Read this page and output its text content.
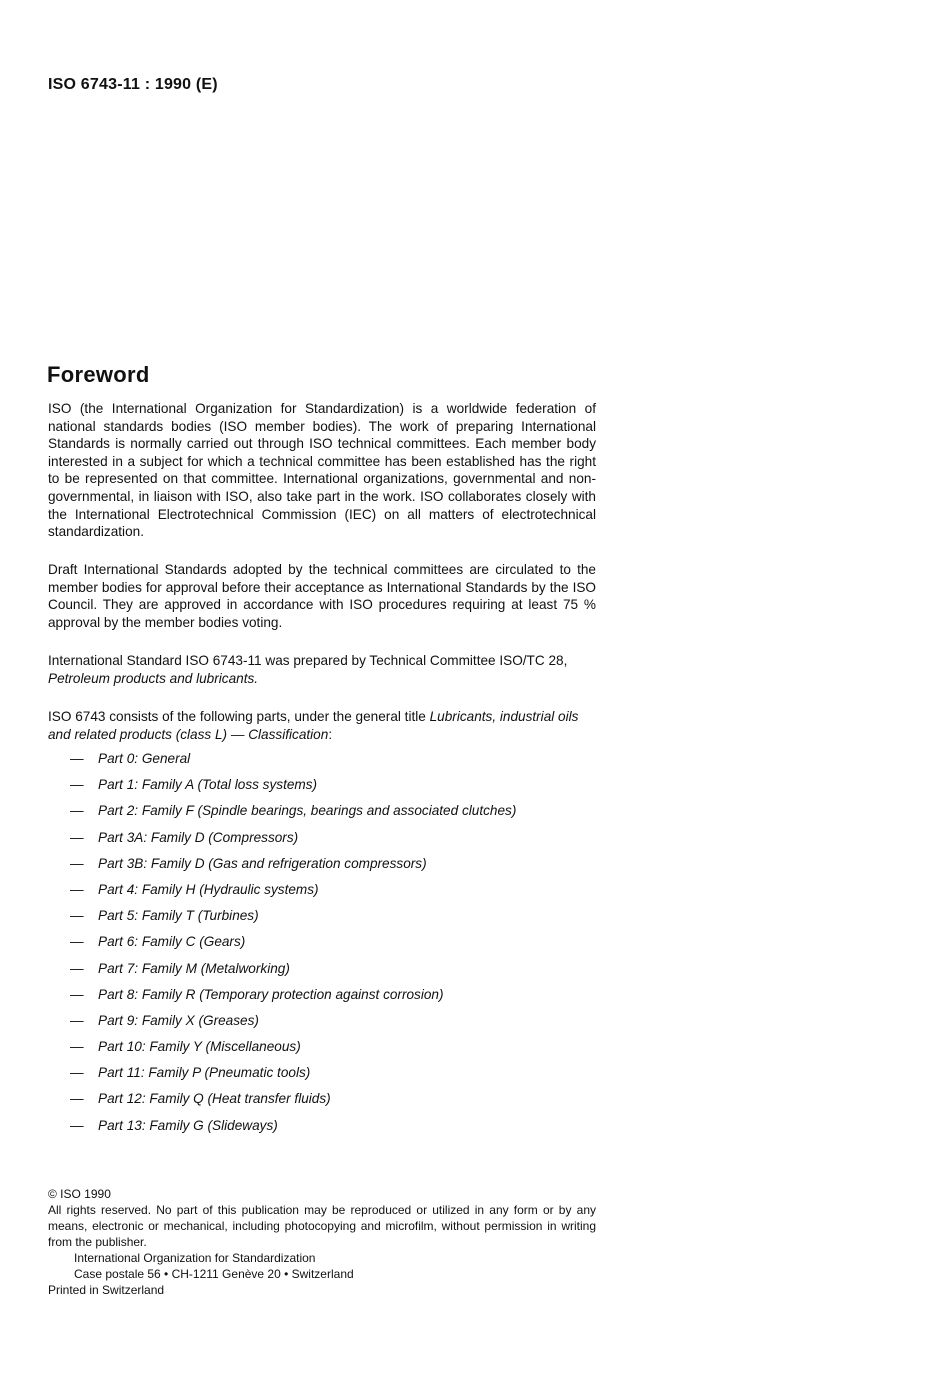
ISO 6743-11 : 1990 (E)
Foreword

ISO (the International Organization for Standardization) is a worldwide federation of national standards bodies (ISO member bodies). The work of preparing International Standards is normally carried out through ISO technical committees. Each member body interested in a subject for which a technical committee has been established has the right to be represented on that committee. International organizations, governmental and non-governmental, in liaison with ISO, also take part in the work. ISO collaborates closely with the International Electrotechnical Commission (IEC) on all matters of electrotechnical standardization.

Draft International Standards adopted by the technical committees are circulated to the member bodies for approval before their acceptance as International Standards by the ISO Council. They are approved in accordance with ISO procedures requiring at least 75 % approval by the member bodies voting.

International Standard ISO 6743-11 was prepared by Technical Committee ISO/TC 28, Petroleum products and lubricants.

ISO 6743 consists of the following parts, under the general title Lubricants, industrial oils and related products (class L) — Classification:

— Part 0: General
— Part 1: Family A (Total loss systems)
— Part 2: Family F (Spindle bearings, bearings and associated clutches)
— Part 3A: Family D (Compressors)
— Part 3B: Family D (Gas and refrigeration compressors)
— Part 4: Family H (Hydraulic systems)
— Part 5: Family T (Turbines)
— Part 6: Family C (Gears)
— Part 7: Family M (Metalworking)
— Part 8: Family R (Temporary protection against corrosion)
— Part 9: Family X (Greases)
— Part 10: Family Y (Miscellaneous)
— Part 11: Family P (Pneumatic tools)
— Part 12: Family Q (Heat transfer fluids)
— Part 13: Family G (Slideways)
© ISO 1990
All rights reserved. No part of this publication may be reproduced or utilized in any form or by any means, electronic or mechanical, including photocopying and microfilm, without permission in writing from the publisher.
International Organization for Standardization
Case postale 56 • CH-1211 Genève 20 • Switzerland
Printed in Switzerland
